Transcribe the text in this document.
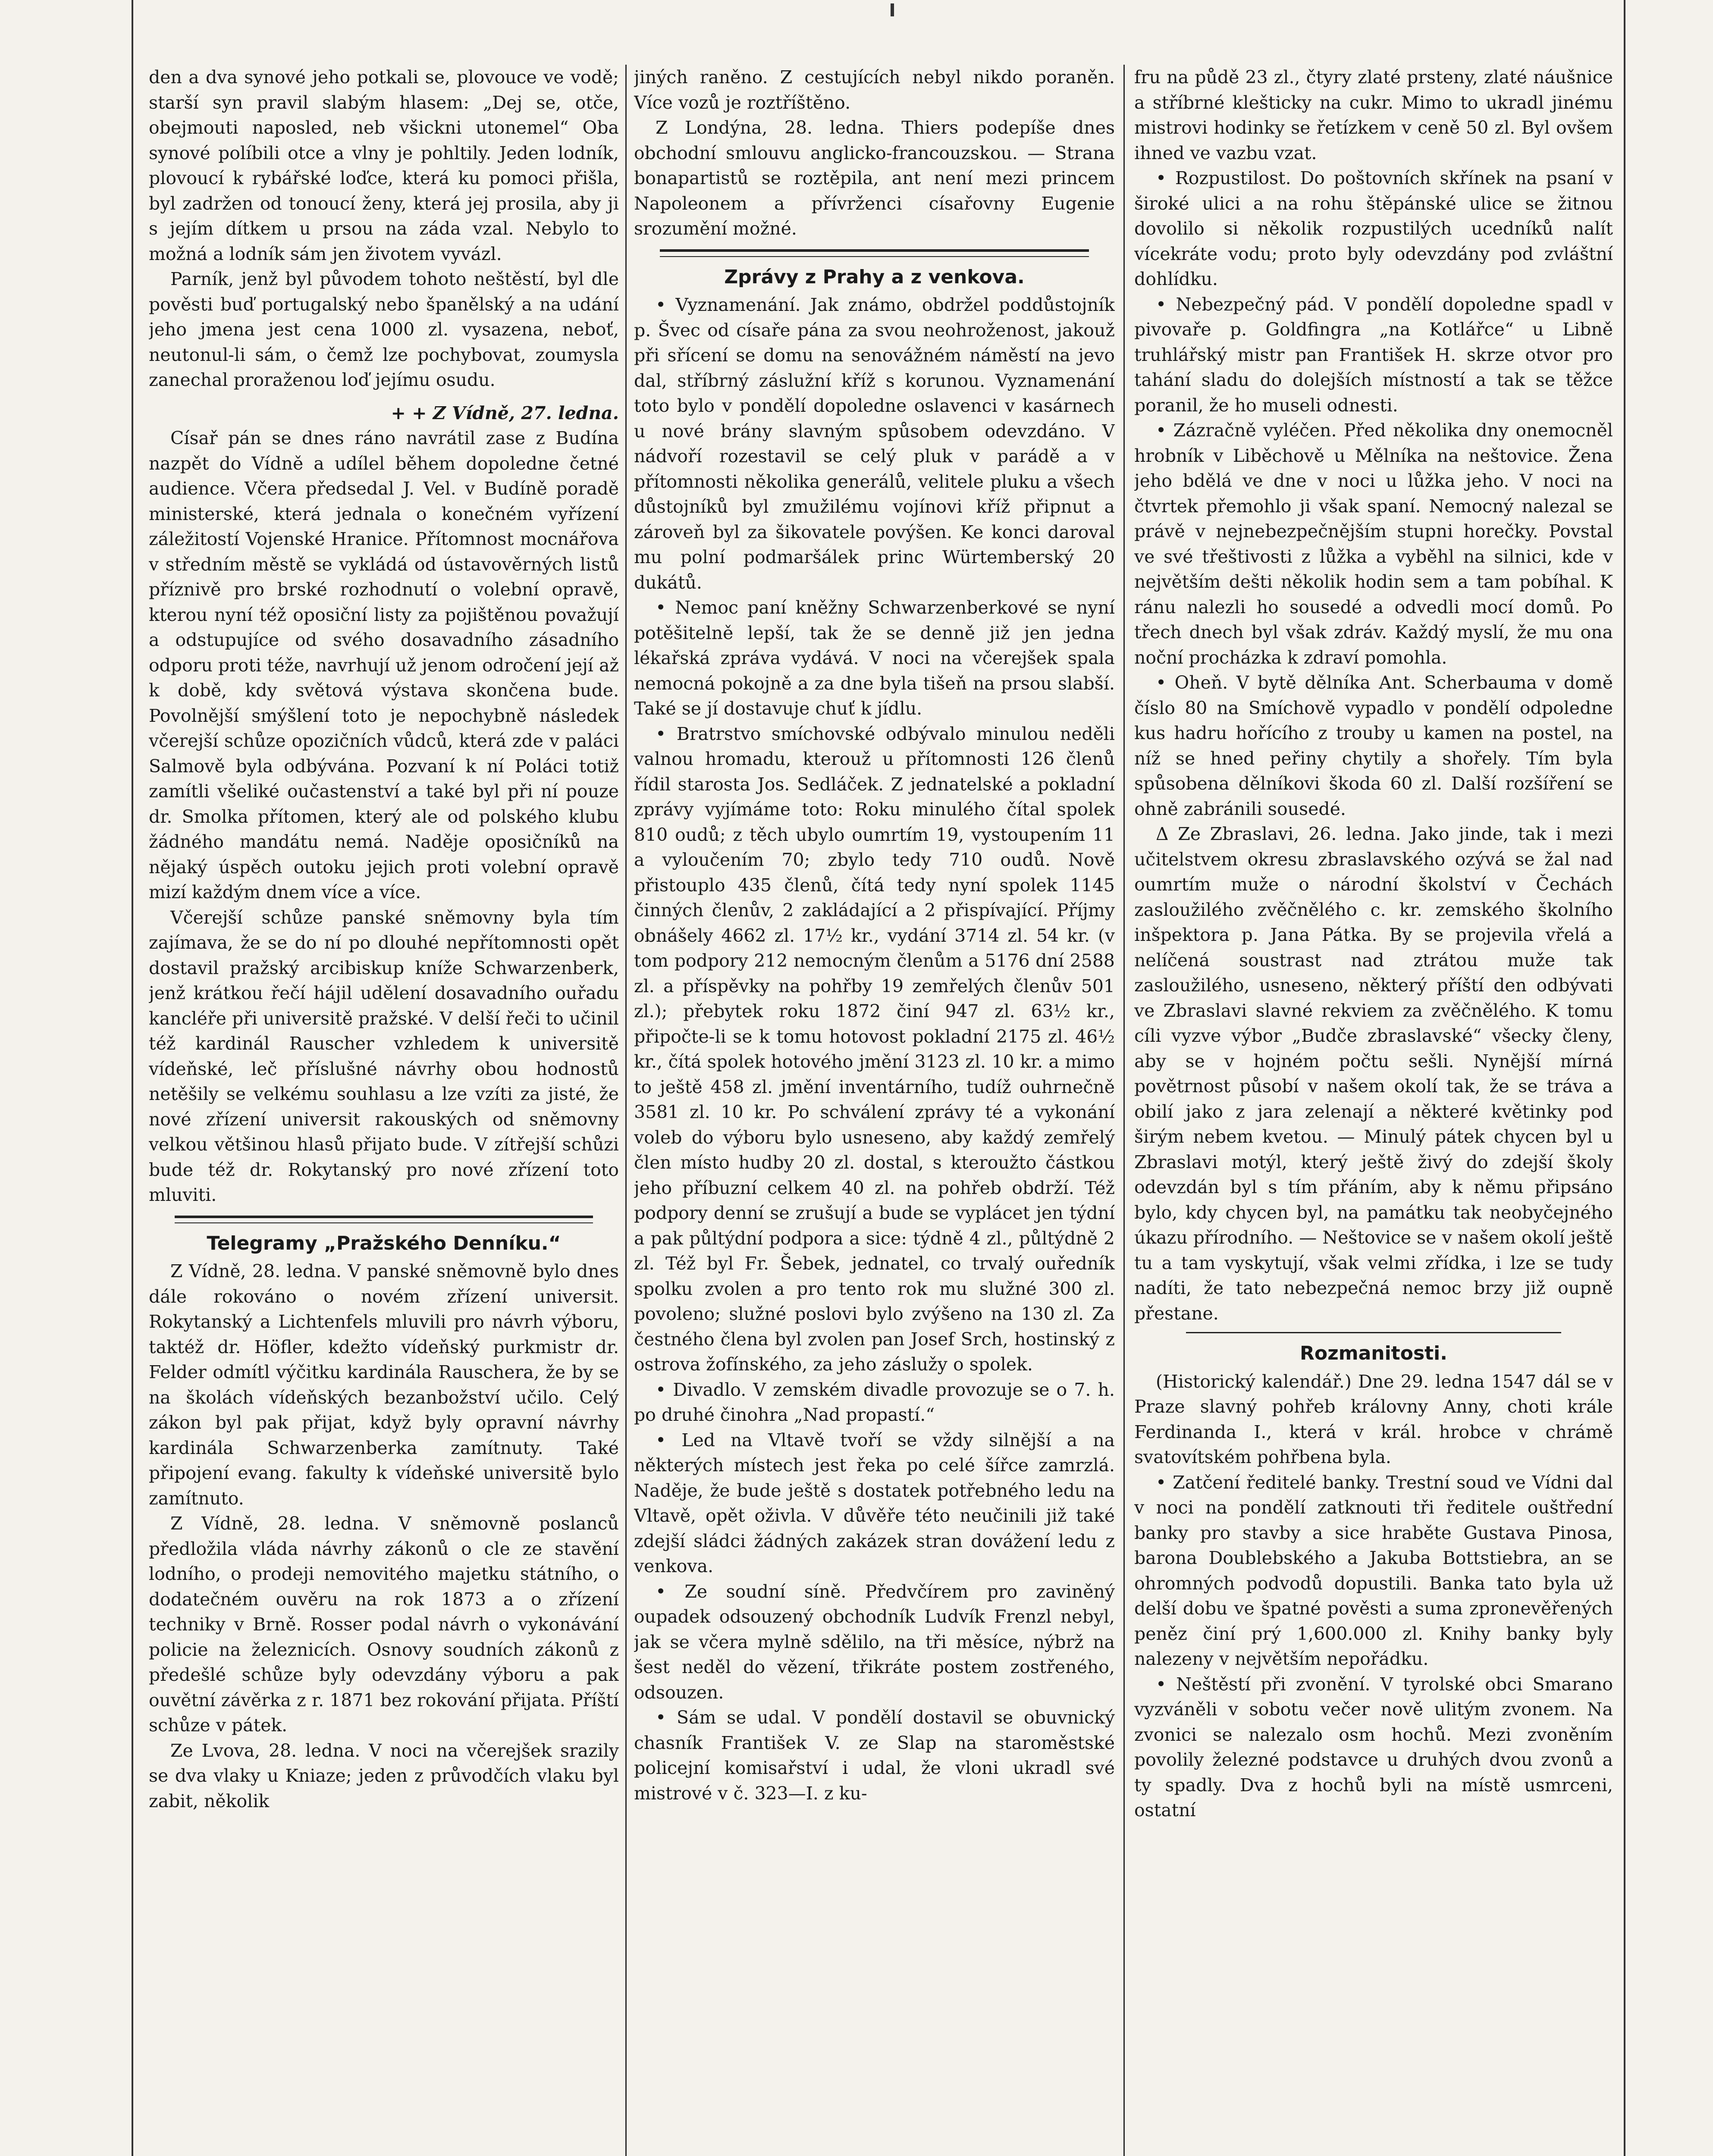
den a dva synové jeho potkali se, plovouce ve vodě; starší syn pravil slabým hlasem: „Dej se, otče, obejmouti naposled, neb všickni utonemel“ Oba synové políbili otce a vlny je pohltily. Jeden lodník, plovoucí k rybářské loďce, která ku pomoci přišla, byl zadržen od tonoucí ženy, která jej prosila, aby ji s jejím dítkem u prsou na záda vzal. Nebylo to možná a lodník sám jen životem vyvázl.

Parník, jenž byl původem tohoto neštěstí, byl dle pověsti buď portugalský nebo španělský a na udání jeho jmena jest cena 1000 zl. vysazena, neboť, neutonul-li sám, o čemž lze pochybovat, zoumysla zanechal proraženou loď jejímu osudu.

+ + Z Vídně, 27. ledna.

Císař pán se dnes ráno navrátil zase z Budína nazpět do Vídně a udílel během dopoledne četné audience. Včera předsedal J. Vel. v Budíně poradě ministerské, která jednala o konečném vyřízení záležitostí Vojenské Hranice. Přítomnost mocnářova v středním městě se vykládá od ústavověrných listů příznivě pro brské rozhodnutí o volební opravě, kterou nyní též oposiční listy za pojištěnou považují a odstupujíce od svého dosavadního zásadního odporu proti téže, navrhují už jenom odročení její až k době, kdy světová výstava skončena bude. Povolnější smýšlení toto je nepochybně následek včerejší schůze opozičních vůdců, která zde v paláci Salmově byla odbývána. Pozvaní k ní Poláci totiž zamítli všeliké oučastenství a také byl při ní pouze dr. Smolka přítomen, který ale od polského klubu žádného mandátu nemá. Naděje oposičníků na nějaký úspěch outoku jejich proti volební opravě mizí každým dnem více a více.

Včerejší schůze panské sněmovny byla tím zajímava, že se do ní po dlouhé nepřítomnosti opět dostavil pražský arcibiskup kníže Schwarzenberk, jenž krátkou řečí hájil udělení dosavadního ouřadu kancléře při universitě pražské. V delší řeči to učinil též kardinál Rauscher vzhledem k universitě vídeňské, leč příslušné návrhy obou hodnostů netěšily se velkému souhlasu a lze vzíti za jisté, že nové zřízení universit rakouských od sněmovny velkou většinou hlasů přijato bude. V zítřejší schůzi bude též dr. Rokytanský pro nové zřízení toto mluviti.

Telegramy „Pražského Denníku.“

Z Vídně, 28. ledna. V panské sněmovně bylo dnes dále rokováno o novém zřízení universit. Rokytanský a Lichtenfels mluvili pro návrh výboru, taktéž dr. Höfler, kdežto vídeňský purkmistr dr. Felder odmítl výčitku kardinála Rauschera, že by se na školách vídeňských bezanbožství učilo. Celý zákon byl pak přijat, když byly opravní návrhy kardinála Schwarzenberka zamítnuty. Také připojení evang. fakulty k vídeňské universitě bylo zamítnuto.

Z Vídně, 28. ledna. V sněmovně poslanců předložila vláda návrhy zákonů o cle ze stavění lodního, o prodeji nemovitého majetku státního, o dodatečném ouvěru na rok 1873 a o zřízení techniky v Brně. Rosser podal návrh o vykonávání policie na železnicích. Osnovy soudních zákonů z předešlé schůze byly odevzdány výboru a pak ouvětní závěrka z r. 1871 bez rokování přijata. Příští schůze v pátek.

Ze Lvova, 28. ledna. V noci na včerejšek srazily se dva vlaky u Kniaze; jeden z průvodčích vlaku byl zabit, několik

jiných raněno. Z cestujících nebyl nikdo poraněn. Více vozů je roztříštěno.

Z Londýna, 28. ledna. Thiers podepíše dnes obchodní smlouvu anglicko-francouzskou. — Strana bonapartistů se roztěpila, ant není mezi princem Napoleonem a přívrženci císařovny Eugenie srozumění možné.

Zprávy z Prahy a z venkova.

• Vyznamenání. Jak známo, obdržel poddůstojník p. Švec od císaře pána za svou neohroženost, jakouž při sřícení se domu na senovážném náměstí na jevo dal, stříbrný záslužní kříž s korunou. Vyznamenání toto bylo v pondělí dopoledne oslavenci v kasárnech u nové brány slavným spůsobem odevzdáno. V nádvoří rozestavil se celý pluk v parádě a v přítomnosti několika generálů, velitele pluku a všech důstojníků byl zmužilému vojínovi kříž připnut a zároveň byl za šikovatele povýšen. Ke konci daroval mu polní podmaršálek princ Würtemberský 20 dukátů.

• Nemoc paní kněžny Schwarzenberkové se nyní potěšitelně lepší, tak že se denně již jen jedna lékařská zpráva vydává. V noci na včerejšek spala nemocná pokojně a za dne byla tišeň na prsou slabší. Také se jí dostavuje chuť k jídlu.

• Bratrstvo smíchovské odbývalo minulou neděli valnou hromadu, kterouž u přítomnosti 126 členů řídil starosta Jos. Sedláček. Z jednatelské a pokladní zprávy vyjímáme toto: Roku minulého čítal spolek 810 oudů; z těch ubylo oumrtím 19, vystoupením 11 a vyloučením 70; zbylo tedy 710 oudů. Nově přistouplo 435 členů, čítá tedy nyní spolek 1145 činných členův, 2 zakládající a 2 přispívající. Příjmy obnášely 4662 zl. 17½ kr., vydání 3714 zl. 54 kr. (v tom podpory 212 nemocným členům a 5176 dní 2588 zl. a příspěvky na pohřby 19 zemřelých členův 501 zl.); přebytek roku 1872 činí 947 zl. 63½ kr., připočte-li se k tomu hotovost pokladní 2175 zl. 46½ kr., čítá spolek hotového jmění 3123 zl. 10 kr. a mimo to ještě 458 zl. jmění inventárního, tudíž ouhrnečně 3581 zl. 10 kr. Po schválení zprávy té a vykonání voleb do výboru bylo usneseno, aby každý zemřelý člen místo hudby 20 zl. dostal, s kteroužto částkou jeho příbuzní celkem 40 zl. na pohřeb obdrží. Též podpory denní se zrušují a bude se vyplácet jen týdní a pak půltýdní podpora a sice: týdně 4 zl., půltýdně 2 zl. Též byl Fr. Šebek, jednatel, co trvalý ouředník spolku zvolen a pro tento rok mu služné 300 zl. povoleno; služné poslovi bylo zvýšeno na 130 zl. Za čestného člena byl zvolen pan Josef Srch, hostinský z ostrova žofínského, za jeho záslužy o spolek.

• Divadlo. V zemském divadle provozuje se o 7. h. po druhé činohra „Nad propastí.“

• Led na Vltavě tvoří se vždy silnější a na některých místech jest řeka po celé šířce zamrzlá. Naděje, že bude ještě s dostatek potřebného ledu na Vltavě, opět oživla. V důvěře této neučinili již také zdejší sládci žádných zakázek stran dovážení ledu z venkova.

• Ze soudní síně. Předvčírem pro zaviněný oupadek odsouzený obchodník Ludvík Frenzl nebyl, jak se včera mylně sdělilo, na tři měsíce, nýbrž na šest neděl do vězení, třikráte postem zostřeného, odsouzen.

• Sám se udal. V pondělí dostavil se obuvnický chasník František V. ze Slap na staroměstské policejní komisařství i udal, že vloni ukradl své mistrové v č. 323—I. z ku-

fru na půdě 23 zl., čtyry zlaté prsteny, zlaté náušnice a stříbrné klešticky na cukr. Mimo to ukradl jinému mistrovi hodinky se řetízkem v ceně 50 zl. Byl ovšem ihned ve vazbu vzat.

• Rozpustilost. Do poštovních skřínek na psaní v široké ulici a na rohu štěpánské ulice se žitnou dovolilo si několik rozpustilých ucedníků nalít vícekráte vodu; proto byly odevzdány pod zvláštní dohlídku.

• Nebezpečný pád. V pondělí dopoledne spadl v pivovaře p. Goldfingra „na Kotlářce“ u Libně truhlářský mistr pan František H. skrze otvor pro tahání sladu do dolejších místností a tak se těžce poranil, že ho museli odnesti.

• Zázračně vyléčen. Před několika dny onemocněl hrobník v Liběchově u Mělníka na neštovice. Žena jeho bdělá ve dne v noci u lůžka jeho. V noci na čtvrtek přemohlo ji však spaní. Nemocný nalezal se právě v nejnebezpečnějším stupni horečky. Povstal ve své třeštivosti z lůžka a vyběhl na silnici, kde v největším dešti několik hodin sem a tam pobíhal. K ránu nalezli ho sousedé a odvedli mocí domů. Po třech dnech byl však zdráv. Každý myslí, že mu ona noční procházka k zdraví pomohla.

• Oheň. V bytě dělníka Ant. Scherbauma v domě číslo 80 na Smíchově vypadlo v pondělí odpoledne kus hadru hořícího z trouby u kamen na postel, na níž se hned peřiny chytily a shořely. Tím byla spůsobena dělníkovi škoda 60 zl. Další rozšíření se ohně zabránili sousedé.

Δ Ze Zbraslavi, 26. ledna. Jako jinde, tak i mezi učitelstvem okresu zbraslavského ozývá se žal nad oumrtím muže o národní školství v Čechách zasloužilého zvěčnělého c. kr. zemského školního inšpektora p. Jana Pátka. By se projevila vřelá a nelíčená soustrast nad ztrátou muže tak zasloužilého, usneseno, některý příští den odbývati ve Zbraslavi slavné rekviem za zvěčnělého. K tomu cíli vyzve výbor „Budče zbraslavské“ všecky členy, aby se v hojném počtu sešli. Nynější mírná povětrnost působí v našem okolí tak, že se tráva a obilí jako z jara zelenají a některé květinky pod širým nebem kvetou. — Minulý pátek chycen byl u Zbraslavi motýl, který ještě živý do zdejší školy odevzdán byl s tím přáním, aby k němu připsáno bylo, kdy chycen byl, na památku tak neobyčejného úkazu přírodního. — Neštovice se v našem okolí ještě tu a tam vyskytují, však velmi zřídka, i lze se tudy nadíti, že tato nebezpečná nemoc brzy již oupně přestane.

Rozmanitosti.

(Historický kalendář.) Dne 29. ledna 1547 dál se v Praze slavný pohřeb královny Anny, choti krále Ferdinanda I., která v král. hrobce v chrámě svatovítském pohřbena byla.

• Zatčení ředitelé banky. Trestní soud ve Vídni dal v noci na pondělí zatknouti tři ředitele ouštřední banky pro stavby a sice hraběte Gustava Pinosa, barona Doublebského a Jakuba Bottstiebra, an se ohromných podvodů dopustili. Banka tato byla už delší dobu ve špatné pověsti a suma zpronevěřených peněz činí prý 1,600.000 zl. Knihy banky byly nalezeny v největším nepořádku.

• Neštěstí při zvonění. V tyrolské obci Smarano vyzváněli v sobotu večer nově ulitým zvonem. Na zvonici se nalezalo osm hochů. Mezi zvoněním povolily železné podstavce u druhých dvou zvonů a ty spadly. Dva z hochů byli na místě usmrceni, ostatní
